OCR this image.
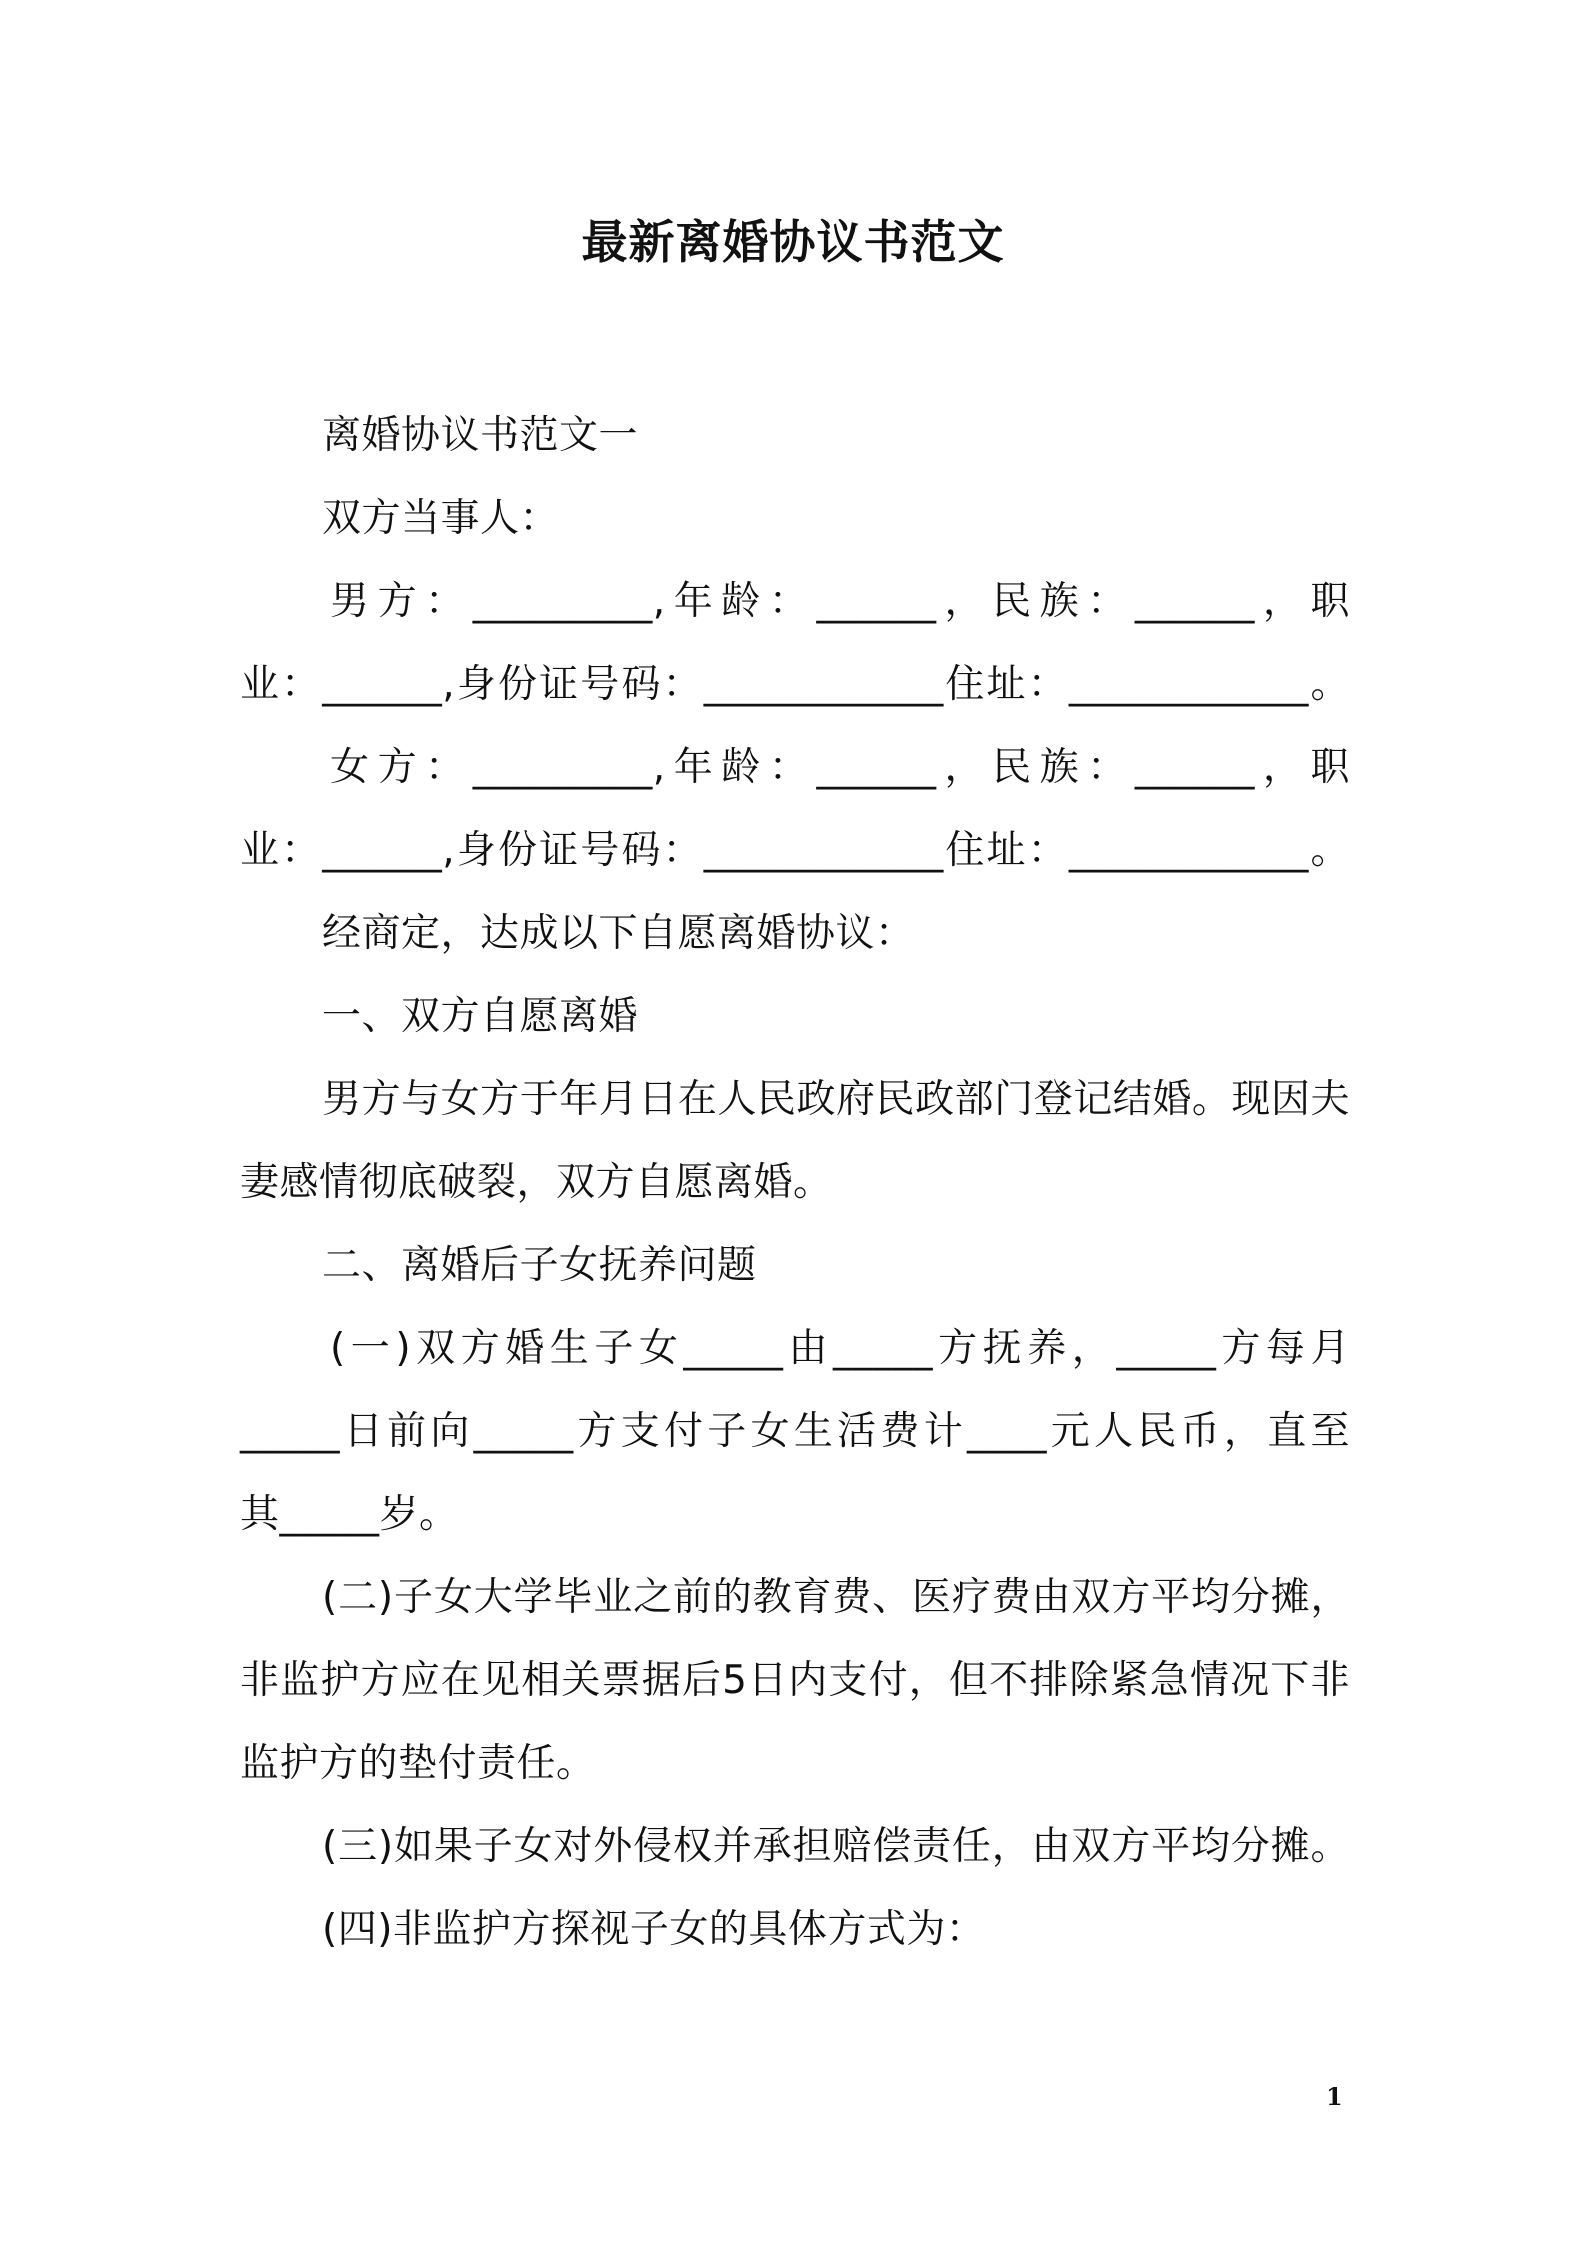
最新离婚协议书范文
离婚协议书范文一
双方当事人：
男方：_________,年龄：______，民族：______，职
业：______,身份证号码：____________住址：____________。
女方：_________,年龄：______，民族：______，职
业：______,身份证号码：____________住址：____________。
经商定，达成以下自愿离婚协议：
一、双方自愿离婚
男方与女方于年月日在人民政府民政部门登记结婚。现因夫
妻感情彻底破裂，双方自愿离婚。
二、离婚后子女抚养问题
(一)双方婚生子女_____由_____方抚养，_____方每月
_____日前向_____方支付子女生活费计____元人民币，直至
其_____岁。
(二)子女大学毕业之前的教育费、医疗费由双方平均分摊，
非监护方应在见相关票据后5日内支付，但不排除紧急情况下非
监护方的垫付责任。
(三)如果子女对外侵权并承担赔偿责任，由双方平均分摊。
(四)非监护方探视子女的具体方式为：
1
